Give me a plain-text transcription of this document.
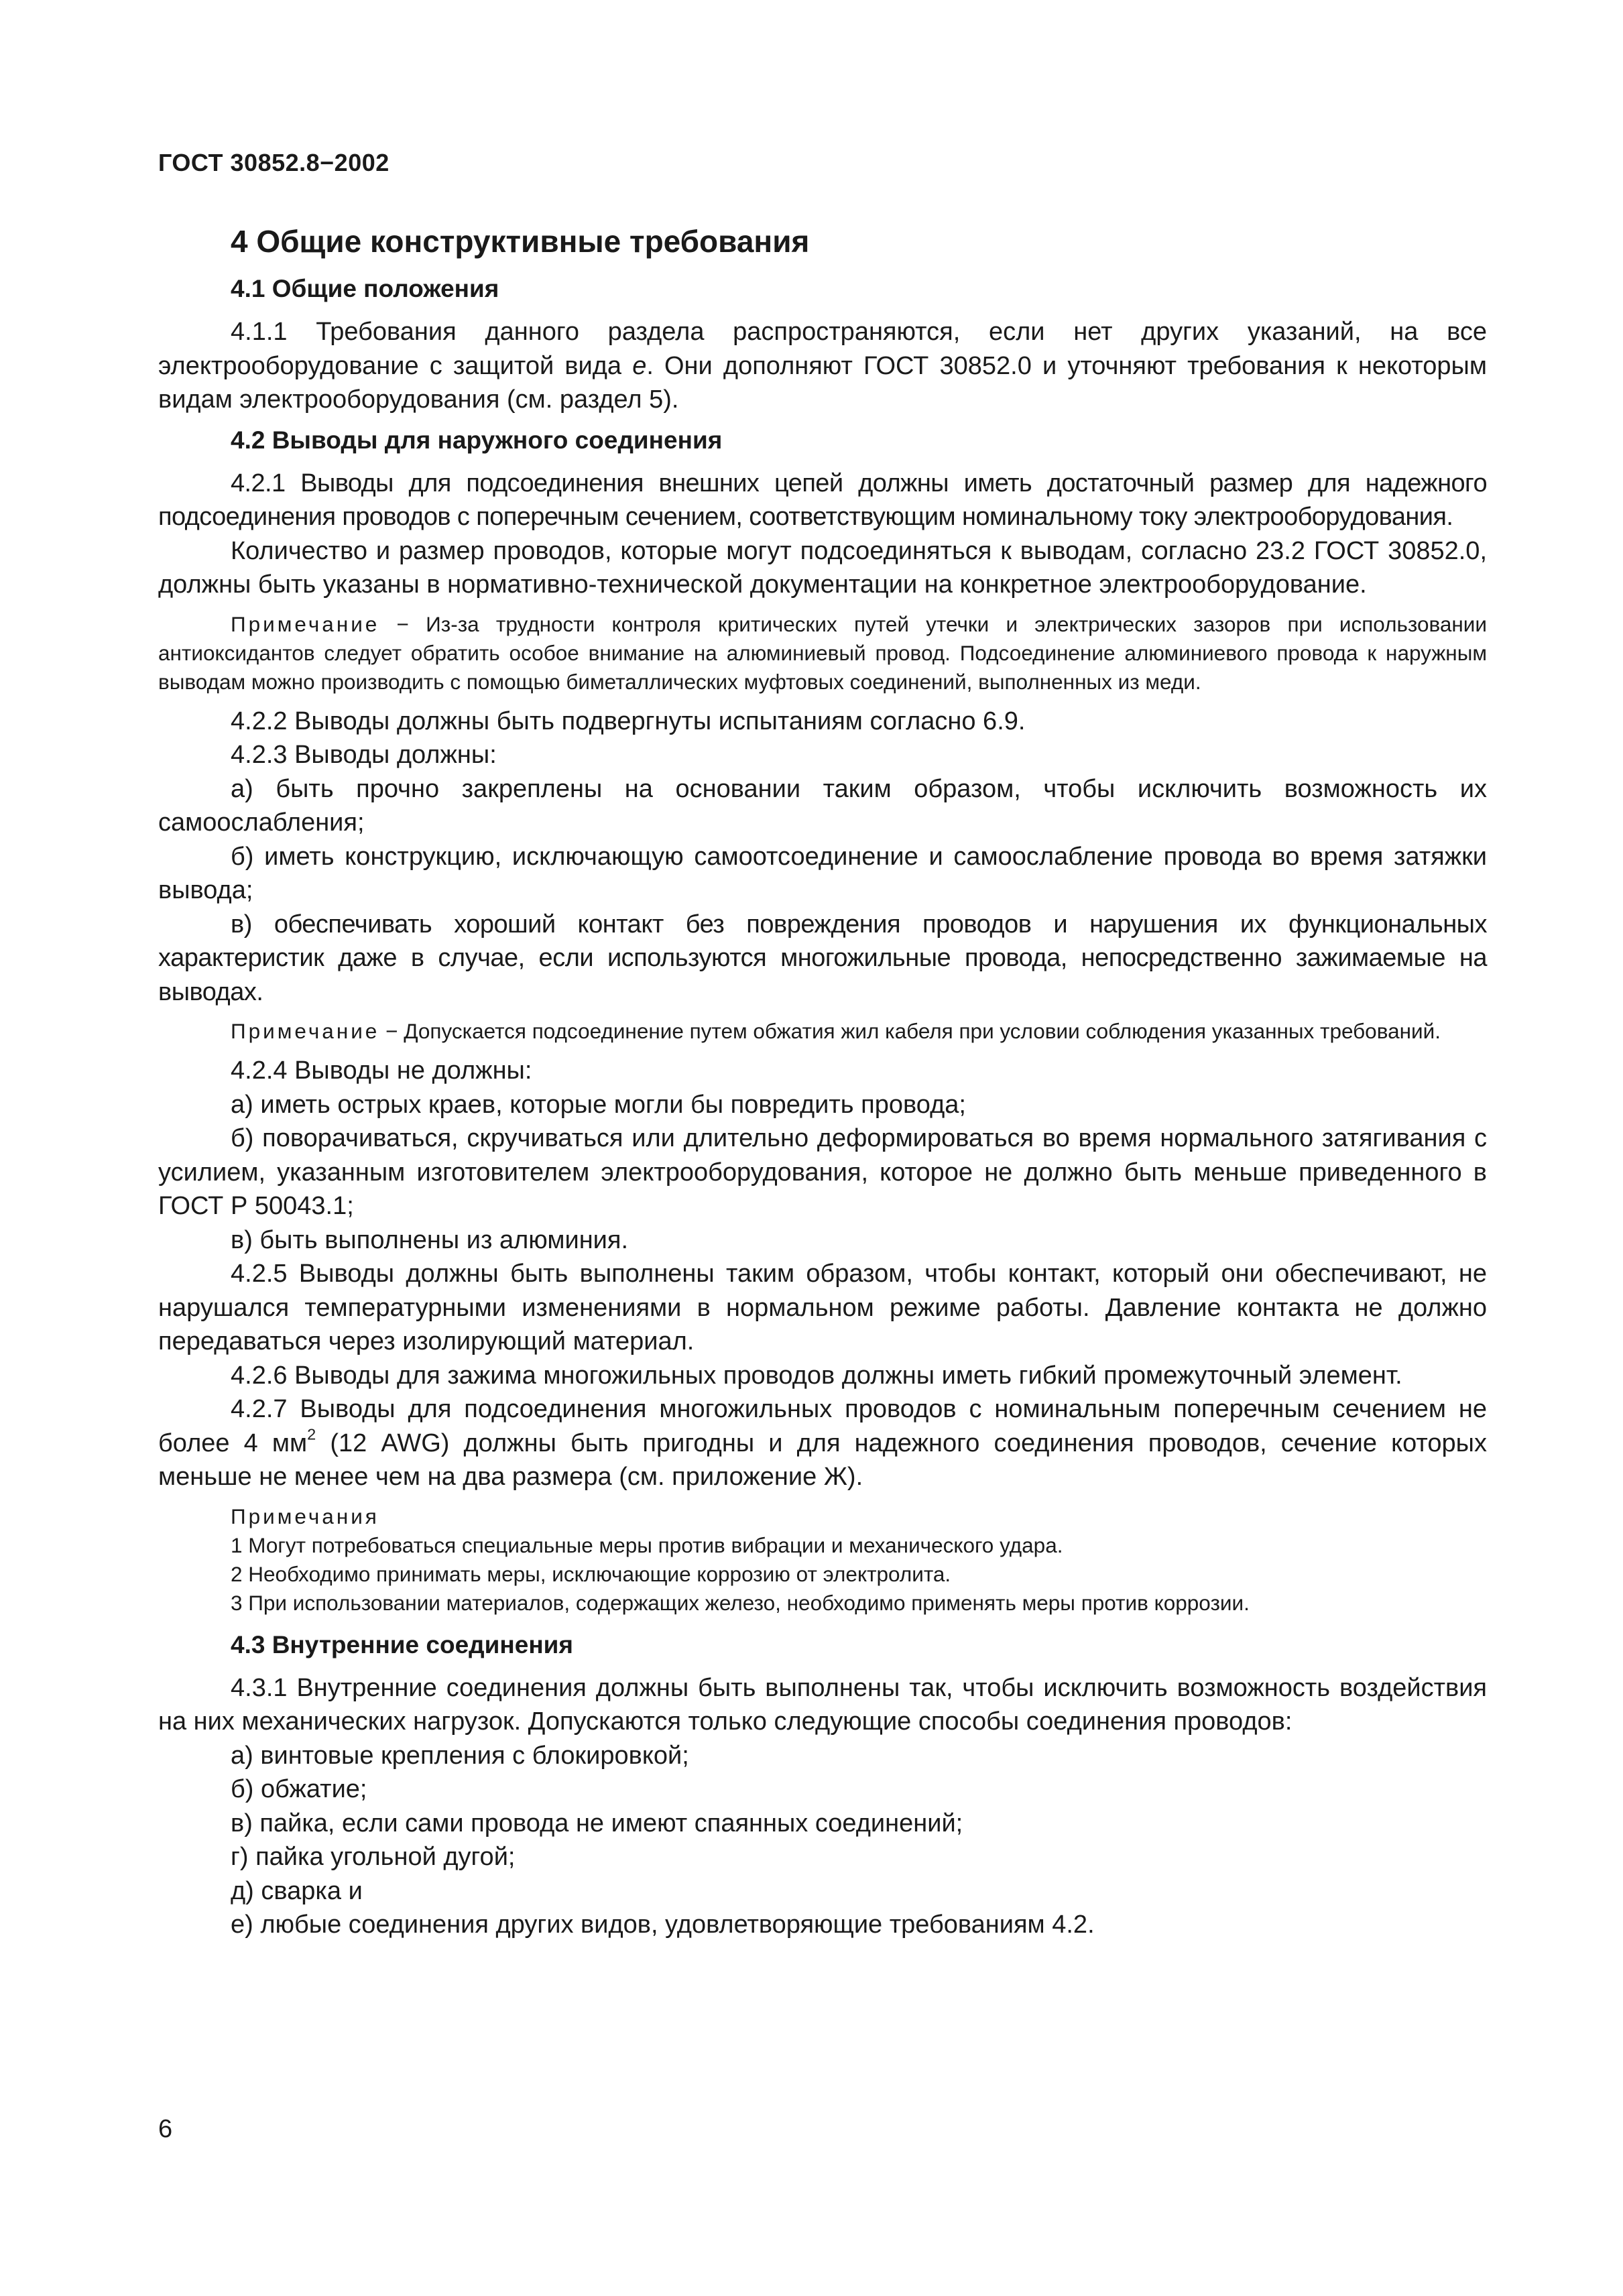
ГОСТ 30852.8−2002

4 Общие конструктивные требования

4.1 Общие положения

4.1.1 Требования данного раздела распространяются, если нет других указаний, на все электрооборудование с защитой вида е. Они дополняют ГОСТ 30852.0 и уточняют требования к некоторым видам электрооборудования (см. раздел 5).

4.2 Выводы для наружного соединения

4.2.1 Выводы для подсоединения внешних цепей должны иметь достаточный размер для надежного подсоединения проводов с поперечным сечением, соответствующим номинальному току электрооборудования.

Количество и размер проводов, которые могут подсоединяться к выводам, согласно 23.2 ГОСТ 30852.0, должны быть указаны в нормативно-технической документации на конкретное электрооборудование.

Примечание − Из-за трудности контроля критических путей утечки и электрических зазоров при использовании антиоксидантов следует обратить особое внимание на алюминиевый провод. Подсоединение алюминиевого провода к наружным выводам можно производить с помощью биметаллических муфтовых соединений, выполненных из меди.

4.2.2 Выводы должны быть подвергнуты испытаниям согласно 6.9.

4.2.3 Выводы должны:

а) быть прочно закреплены на основании таким образом, чтобы исключить возможность их самоослабления;

б) иметь конструкцию, исключающую самоотсоединение и самоослабление провода во время затяжки вывода;

в) обеспечивать хороший контакт без повреждения проводов и нарушения их функциональных характеристик даже в случае, если используются многожильные провода, непосредственно зажимаемые на выводах.

Примечание − Допускается подсоединение путем обжатия жил кабеля при условии соблюдения указанных требований.

4.2.4 Выводы не должны:

а) иметь острых краев, которые могли бы повредить провода;

б) поворачиваться, скручиваться или длительно деформироваться во время нормального затягивания с усилием, указанным изготовителем электрооборудования, которое не должно быть меньше приведенного в ГОСТ Р 50043.1;

в) быть выполнены из алюминия.

4.2.5 Выводы должны быть выполнены таким образом, чтобы контакт, который они обеспечивают, не нарушался температурными изменениями в нормальном режиме работы. Давление контакта не должно передаваться через изолирующий материал.

4.2.6 Выводы для зажима многожильных проводов должны иметь гибкий промежуточный элемент.

4.2.7 Выводы для подсоединения многожильных проводов с номинальным поперечным сечением не более 4 $мм^2$ (12 AWG) должны быть пригодны и для надежного соединения проводов, сечение которых меньше не менее чем на два размера (см. приложение Ж).

Примечания
1 Могут потребоваться специальные меры против вибрации и механического удара.
2 Необходимо принимать меры, исключающие коррозию от электролита.
3 При использовании материалов, содержащих железо, необходимо применять меры против коррозии.

4.3 Внутренние соединения

4.3.1 Внутренние соединения должны быть выполнены так, чтобы исключить возможность воздействия на них механических нагрузок. Допускаются только следующие способы соединения проводов:

а) винтовые крепления с блокировкой;

б) обжатие;

в) пайка, если сами провода не имеют спаянных соединений;

г) пайка угольной дугой;

д) сварка и

е) любые соединения других видов, удовлетворяющие требованиям 4.2.

6
